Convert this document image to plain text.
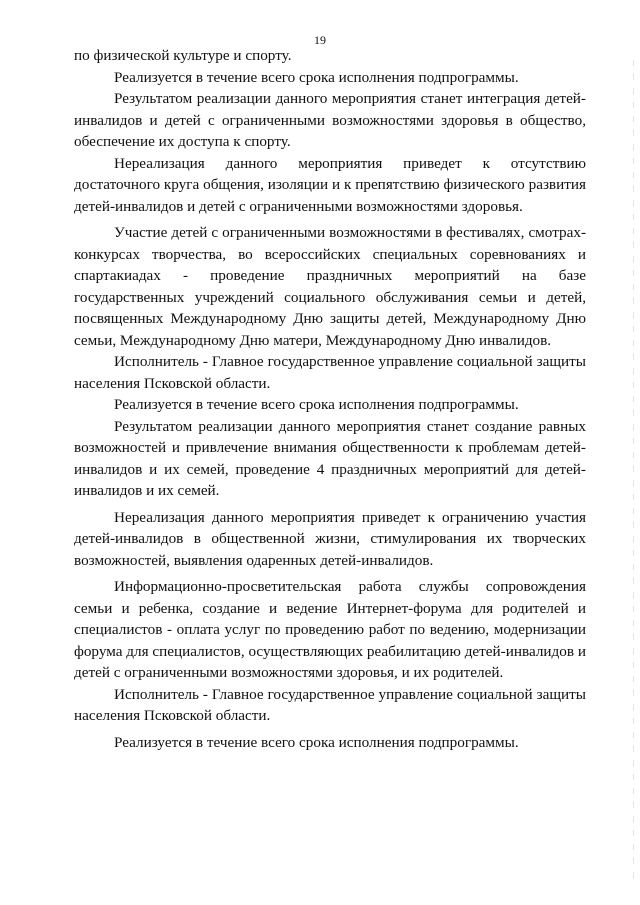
19

по физической культуре и спорту.

Реализуется в течение всего срока исполнения подпрограммы.

Результатом реализации данного мероприятия станет интеграция детей-инвалидов и детей с ограниченными возможностями здоровья в общество, обеспечение их доступа к спорту.

Нереализация данного мероприятия приведет к отсутствию достаточного круга общения, изоляции и к препятствию физического развития детей-инвалидов и детей с ограниченными возможностями здоровья.

Участие детей с ограниченными возможностями в фестивалях, смотрах-конкурсах творчества, во всероссийских специальных соревнованиях и спартакиадах - проведение праздничных мероприятий на базе государственных учреждений социального обслуживания семьи и детей, посвященных Международному Дню защиты детей, Международному Дню семьи, Международному Дню матери, Международному Дню инвалидов.

Исполнитель - Главное государственное управление социальной защиты населения Псковской области.

Реализуется в течение всего срока исполнения подпрограммы.

Результатом реализации данного мероприятия станет создание равных возможностей и привлечение внимания общественности к проблемам детей-инвалидов и их семей, проведение 4 праздничных мероприятий для детей-инвалидов и их семей.

Нереализация данного мероприятия приведет к ограничению участия детей-инвалидов в общественной жизни, стимулирования их творческих возможностей, выявления одаренных детей-инвалидов.

Информационно-просветительская работа службы сопровождения семьи и ребенка, создание и ведение Интернет-форума для родителей и специалистов - оплата услуг по проведению работ по ведению, модернизации форума для специалистов, осуществляющих реабилитацию детей-инвалидов и детей с ограниченными возможностями здоровья, и их родителей.

Исполнитель - Главное государственное управление социальной защиты населения Псковской области.

Реализуется в течение всего срока исполнения подпрограммы.
